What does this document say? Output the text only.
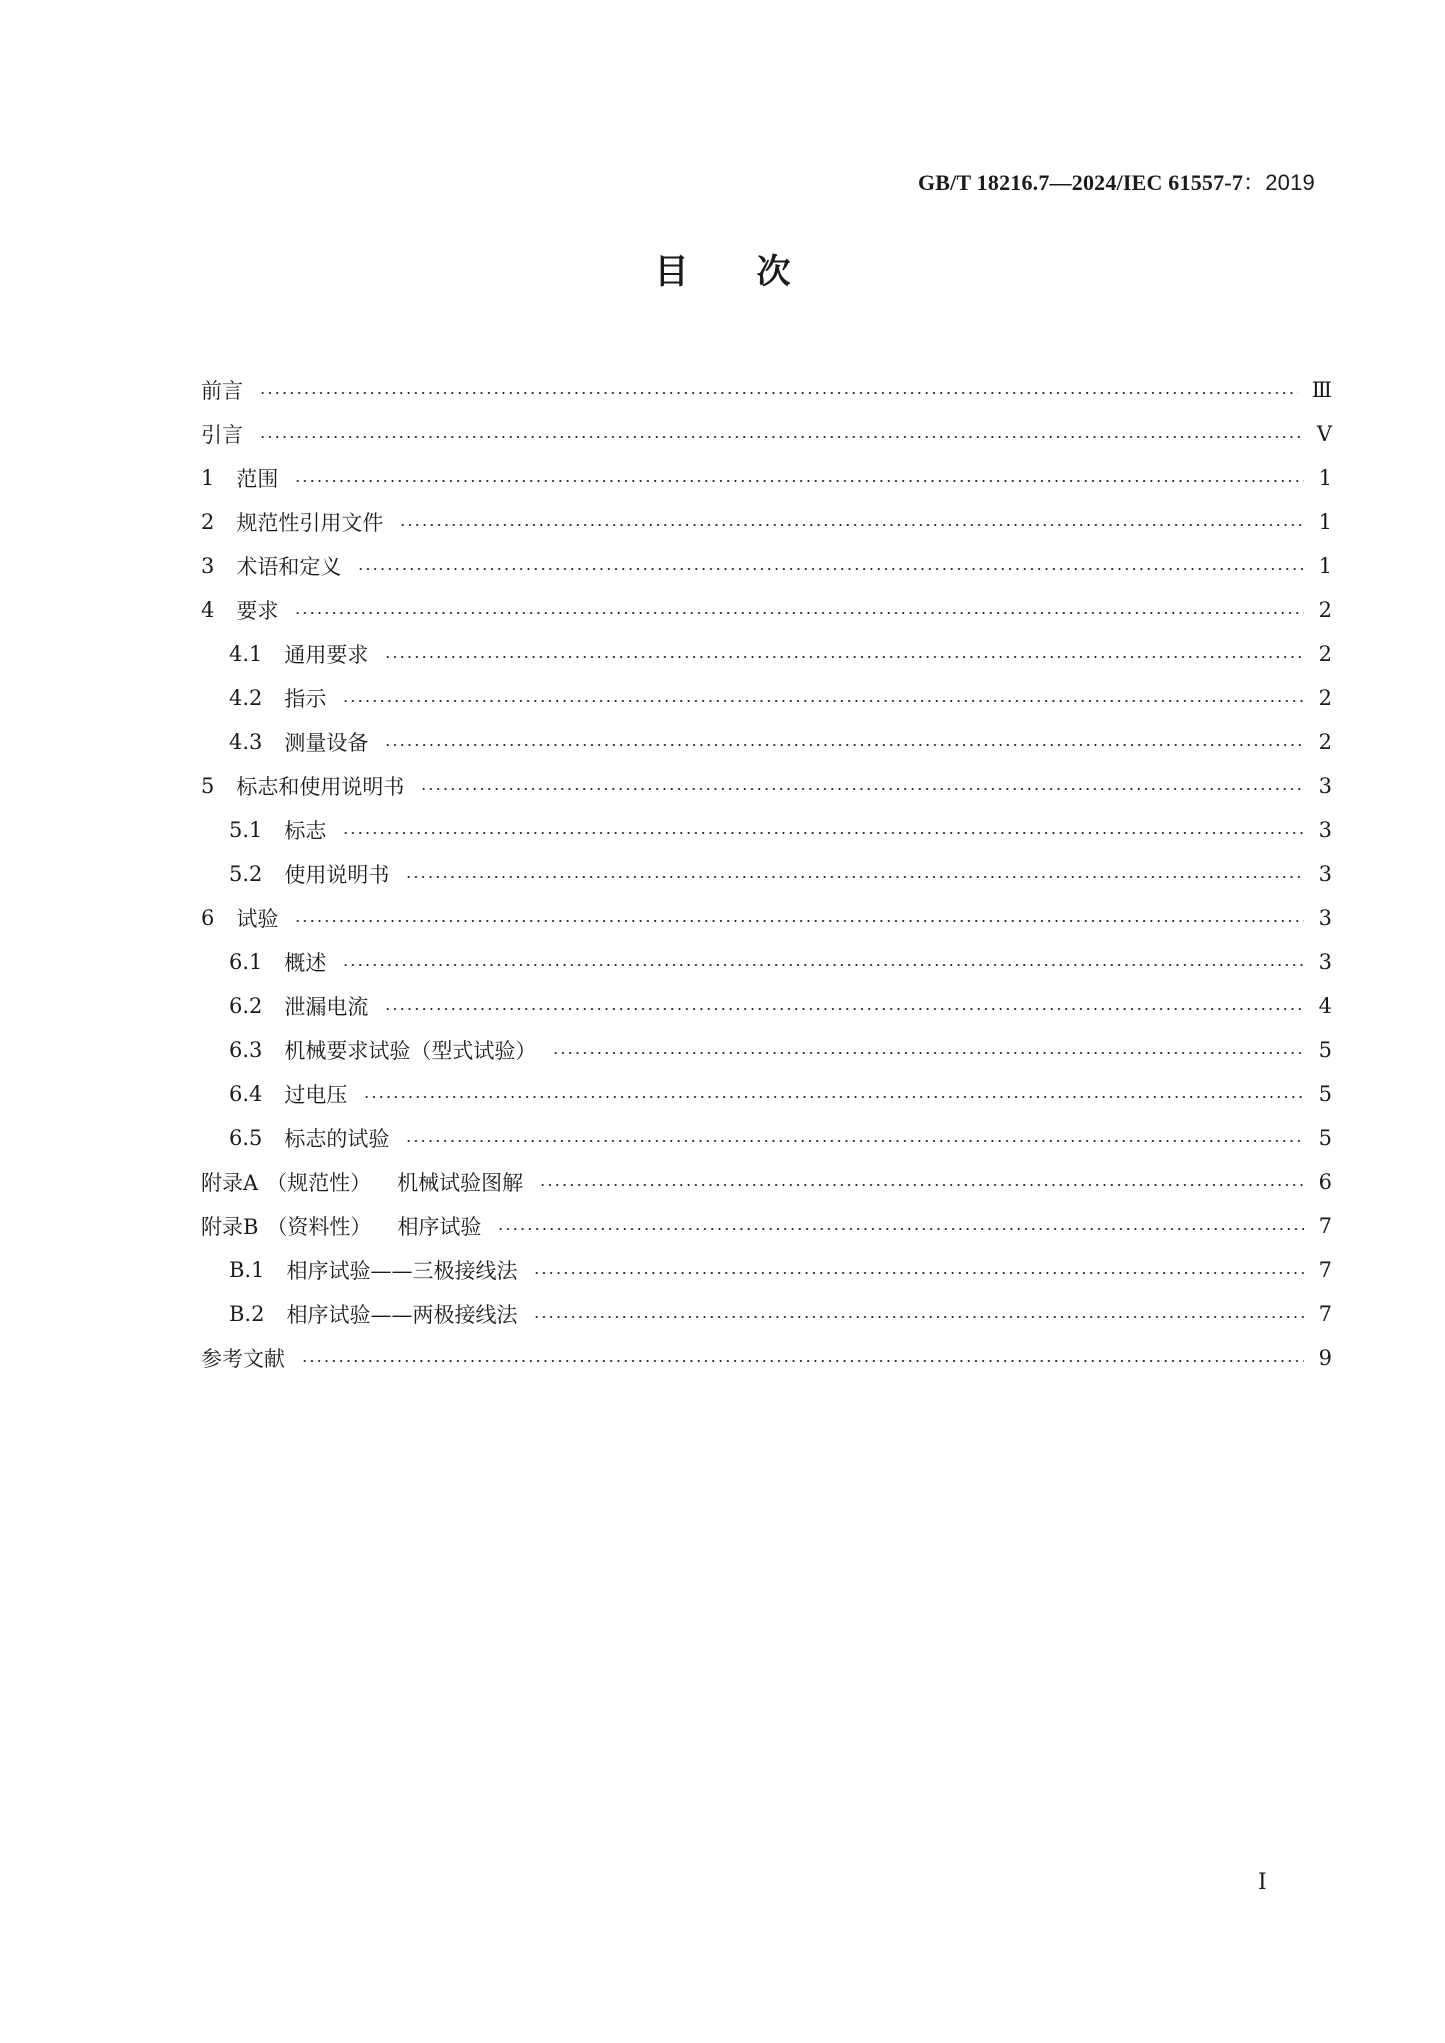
GB/T 18216.7—2024/IEC 61557-7：2019
目次
前言	Ⅲ
引言	Ⅴ
1 范围	1
2 规范性引用文件	1
3 术语和定义	1
4 要求	2
4.1 通用要求	2
4.2 指示	2
4.3 测量设备	2
5 标志和使用说明书	3
5.1 标志	3
5.2 使用说明书	3
6 试验	3
6.1 概述	3
6.2 泄漏电流	4
6.3 机械要求试验（型式试验）	5
6.4 过电压	5
6.5 标志的试验	5
附录A （规范性） 机械试验图解	6
附录B （资料性） 相序试验	7
B.1 相序试验——三极接线法	7
B.2 相序试验——两极接线法	7
参考文献	9
Ⅰ
